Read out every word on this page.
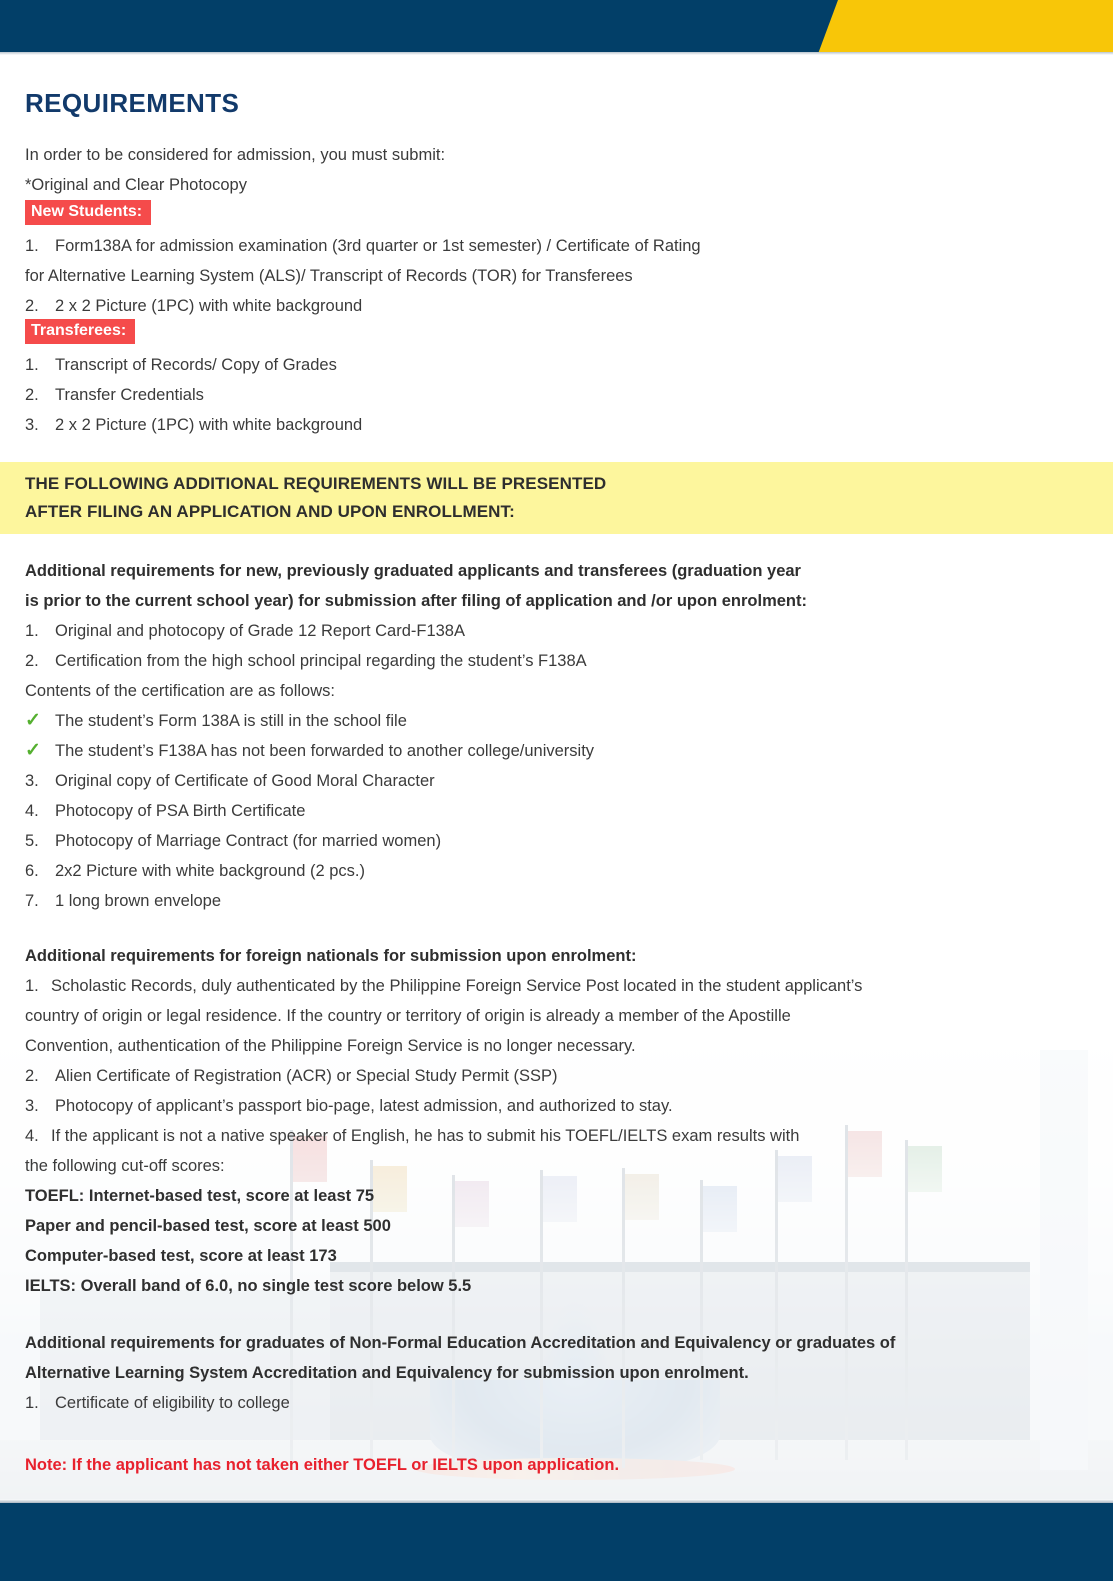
REQUIREMENTS
In order to be considered for admission, you must submit:
*Original and Clear Photocopy
New Students:
1. Form138A for admission examination (3rd quarter or 1st semester) / Certificate of Rating
for Alternative Learning System (ALS)/ Transcript of Records (TOR) for Transferees
2. 2 x 2 Picture (1PC) with white background
Transferees:
1. Transcript of Records/ Copy of Grades
2. Transfer Credentials
3. 2 x 2 Picture (1PC) with white background
THE FOLLOWING ADDITIONAL REQUIREMENTS WILL BE PRESENTED
AFTER FILING AN APPLICATION AND UPON ENROLLMENT:
Additional requirements for new, previously graduated applicants and transferees (graduation year
is prior to the current school year) for submission after filing of application and /or upon enrolment:
1. Original and photocopy of Grade 12 Report Card-F138A
2. Certification from the high school principal regarding the student’s F138A
Contents of the certification are as follows:
✓ The student’s Form 138A is still in the school file
✓ The student’s F138A has not been forwarded to another college/university
3. Original copy of Certificate of Good Moral Character
4. Photocopy of PSA Birth Certificate
5. Photocopy of Marriage Contract (for married women)
6. 2x2 Picture with white background (2 pcs.)
7. 1 long brown envelope
Additional requirements for foreign nationals for submission upon enrolment:
1. Scholastic Records, duly authenticated by the Philippine Foreign Service Post located in the student applicant’s
country of origin or legal residence. If the country or territory of origin is already a member of the Apostille
Convention, authentication of the Philippine Foreign Service is no longer necessary.
2. Alien Certificate of Registration (ACR) or Special Study Permit (SSP)
3. Photocopy of applicant’s passport bio-page, latest admission, and authorized to stay.
4. If the applicant is not a native speaker of English, he has to submit his TOEFL/IELTS exam results with
the following cut-off scores:
TOEFL: Internet-based test, score at least 75
Paper and pencil-based test, score at least 500
Computer-based test, score at least 173
IELTS: Overall band of 6.0, no single test score below 5.5
Additional requirements for graduates of Non-Formal Education Accreditation and Equivalency or graduates of
Alternative Learning System Accreditation and Equivalency for submission upon enrolment.
1. Certificate of eligibility to college
Note: If the applicant has not taken either TOEFL or IELTS upon application.
